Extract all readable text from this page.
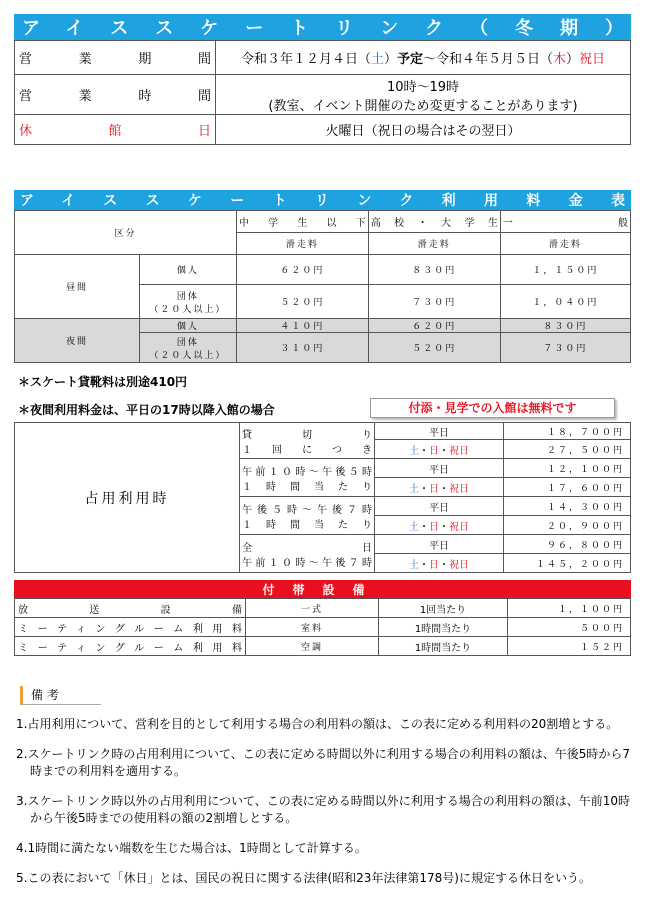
アイススケートリンク（冬期）
営業期間	令和３年１２月４日（土）予定〜令和４年５月５日（木）祝日

営業時間	10時〜19時
(教室、イベント開催のため変更することがあります)

休館日	火曜日（祝日の場合はその翌日）
アイススケートリンク利用料金表
区分		中学生以下	高校・大学生	一般

		滑走料	滑走料	滑走料
昼間	個人	６２０円	８３０円	１，１５０円

	団体
（２０人以上）	５２０円	７３０円	１，０４０円
夜間	個人	４１０円	６２０円	８３０円

	団体
（２０人以上）	３１０円	５２０円	７３０円
＊スケート貸靴料は別途410円
＊夜間利用料金は、平日の17時以降入館の場合	付添・見学での入館は無料です
占用利用時	貸切り
１回につき	平日	１８，７００円
		土・日・祝日	２７，５００円

	午前１０時〜午後５時
１時間当たり	平日	１２，１００円
		土・日・祝日	１７，６００円

	午後５時〜午後７時
１時間当たり	平日	１４，３００円
		土・日・祝日	２０，９００円

	全日
午前１０時〜午後７時	平日	９６，８００円
		土・日・祝日	１４５，２００円
付帯設備
放送設備	一式	1回当たり	１，１００円

ミーティングルーム利用料	室料	1時間当たり	５００円

ミーティングルーム利用料	空調	1時間当たり	１５２円
備考
1.占用利用について、営利を目的として利用する場合の利用料の額は、この表に定める利用料の20割増とする。
2.スケートリンク時の占用利用について、この表に定める時間以外に利用する場合の利用料の額は、午後5時から7時までの利用料を適用する。
3.スケートリンク時以外の占用利用について、この表に定める時間以外に利用する場合の利用料の額は、午前10時から午後5時までの使用料の額の2割増しとする。
4.1時間に満たない端数を生じた場合は、1時間として計算する。
5.この表において「休日」とは、国民の祝日に関する法律(昭和23年法律第178号)に規定する休日をいう。
